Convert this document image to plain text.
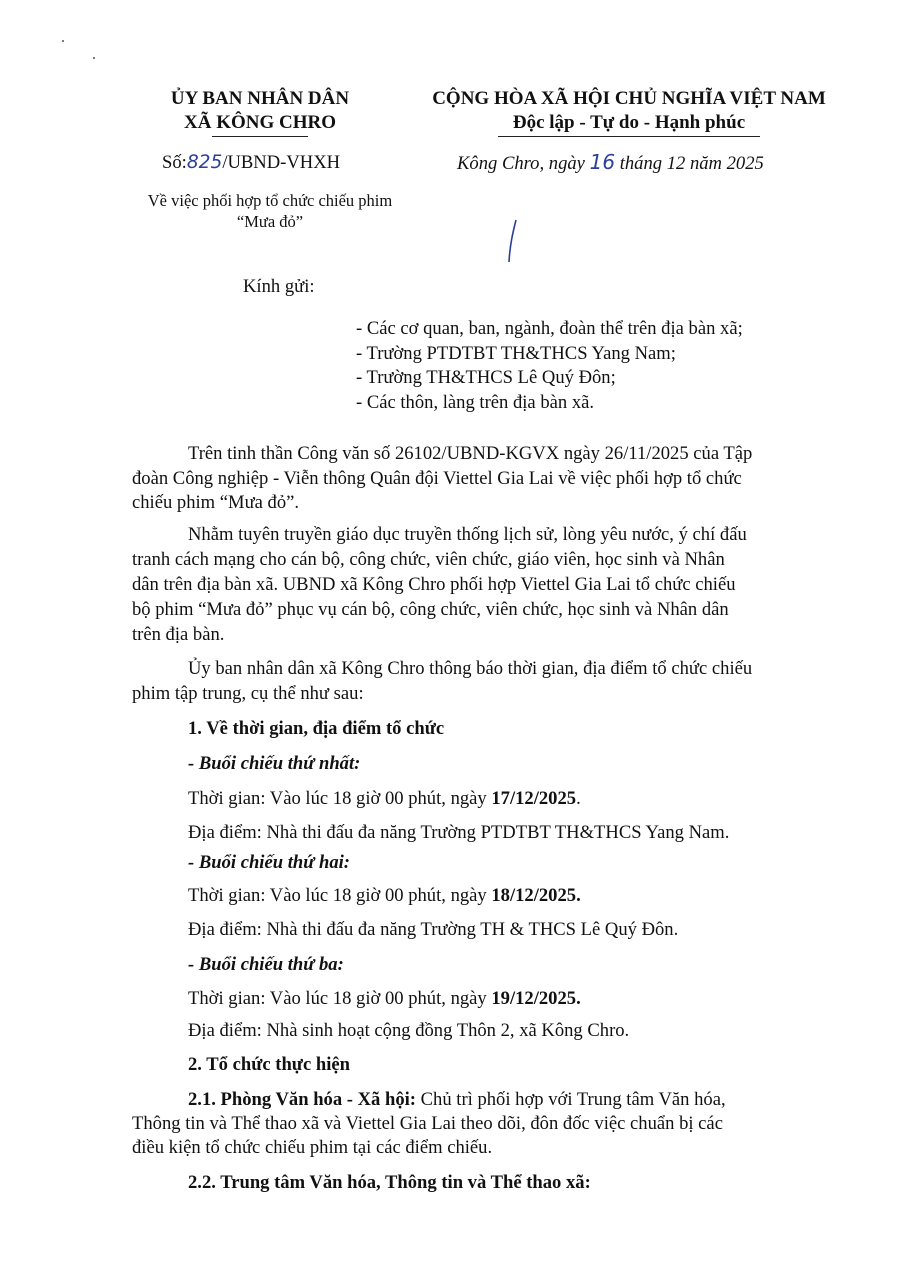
ỦY BAN NHÂN DÂN
XÃ KÔNG CHRO
CỘNG HÒA XÃ HỘI CHỦ NGHĨA VIỆT NAM
Độc lập - Tự do - Hạnh phúc
Số:825/UBND-VHXH	Kông Chro, ngày 16 tháng 12 năm 2025
Về việc phối hợp tổ chức chiếu phim
“Mưa đỏ”
Kính gửi:
- Các cơ quan, ban, ngành, đoàn thể trên địa bàn xã;
- Trường PTDTBT TH&THCS Yang Nam;
- Trường TH&THCS Lê Quý Đôn;
- Các thôn, làng trên địa bàn xã.
Trên tinh thần Công văn số 26102/UBND-KGVX ngày 26/11/2025 của Tập
đoàn Công nghiệp - Viễn thông Quân đội Viettel Gia Lai về việc phối hợp tổ chức
chiếu phim “Mưa đỏ”.
Nhằm tuyên truyền giáo dục truyền thống lịch sử, lòng yêu nước, ý chí đấu
tranh cách mạng cho cán bộ, công chức, viên chức, giáo viên, học sinh và Nhân
dân trên địa bàn xã. UBND xã Kông Chro phối hợp Viettel Gia Lai tổ chức chiếu
bộ phim “Mưa đỏ” phục vụ cán bộ, công chức, viên chức, học sinh và Nhân dân
trên địa bàn.
Ủy ban nhân dân xã Kông Chro thông báo thời gian, địa điểm tổ chức chiếu
phim tập trung, cụ thể như sau:
1. Về thời gian, địa điểm tổ chức
- Buổi chiếu thứ nhất:
Thời gian: Vào lúc 18 giờ 00 phút, ngày 17/12/2025.
Địa điểm: Nhà thi đấu đa năng Trường PTDTBT TH&THCS Yang Nam.
- Buổi chiếu thứ hai:
Thời gian: Vào lúc 18 giờ 00 phút, ngày 18/12/2025.
Địa điểm: Nhà thi đấu đa năng Trường TH & THCS Lê Quý Đôn.
- Buổi chiếu thứ ba:
Thời gian: Vào lúc 18 giờ 00 phút, ngày 19/12/2025.
Địa điểm: Nhà sinh hoạt cộng đồng Thôn 2, xã Kông Chro.
2. Tổ chức thực hiện
2.1. Phòng Văn hóa - Xã hội: Chủ trì phối hợp với Trung tâm Văn hóa,
Thông tin và Thể thao xã và Viettel Gia Lai theo dõi, đôn đốc việc chuẩn bị các
điều kiện tổ chức chiếu phim tại các điểm chiếu.
2.2. Trung tâm Văn hóa, Thông tin và Thể thao xã:
